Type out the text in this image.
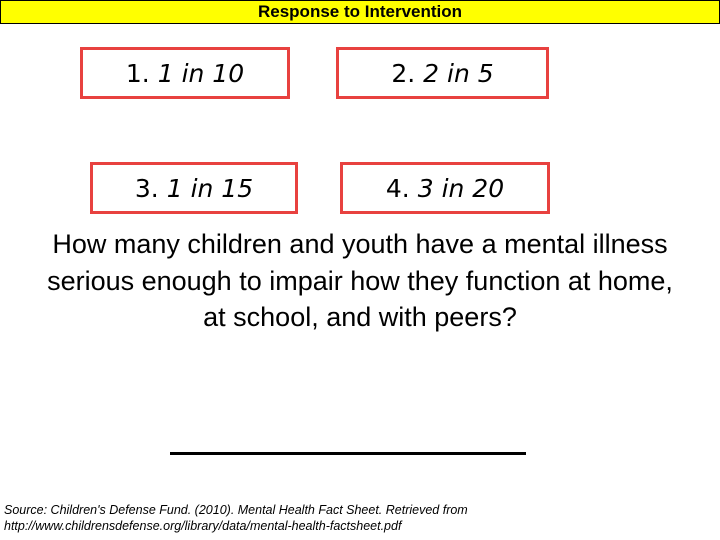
Response to Intervention
1. 1 in 10	2. 2 in 5
3. 1 in 15	4. 3 in 20
How many children and youth have a mental illness serious enough to impair how they function at home, at school, and with peers?
Source: Children's Defense Fund. (2010). Mental Health Fact Sheet. Retrieved from
http://www.childrensdefense.org/library/data/mental-health-factsheet.pdf
